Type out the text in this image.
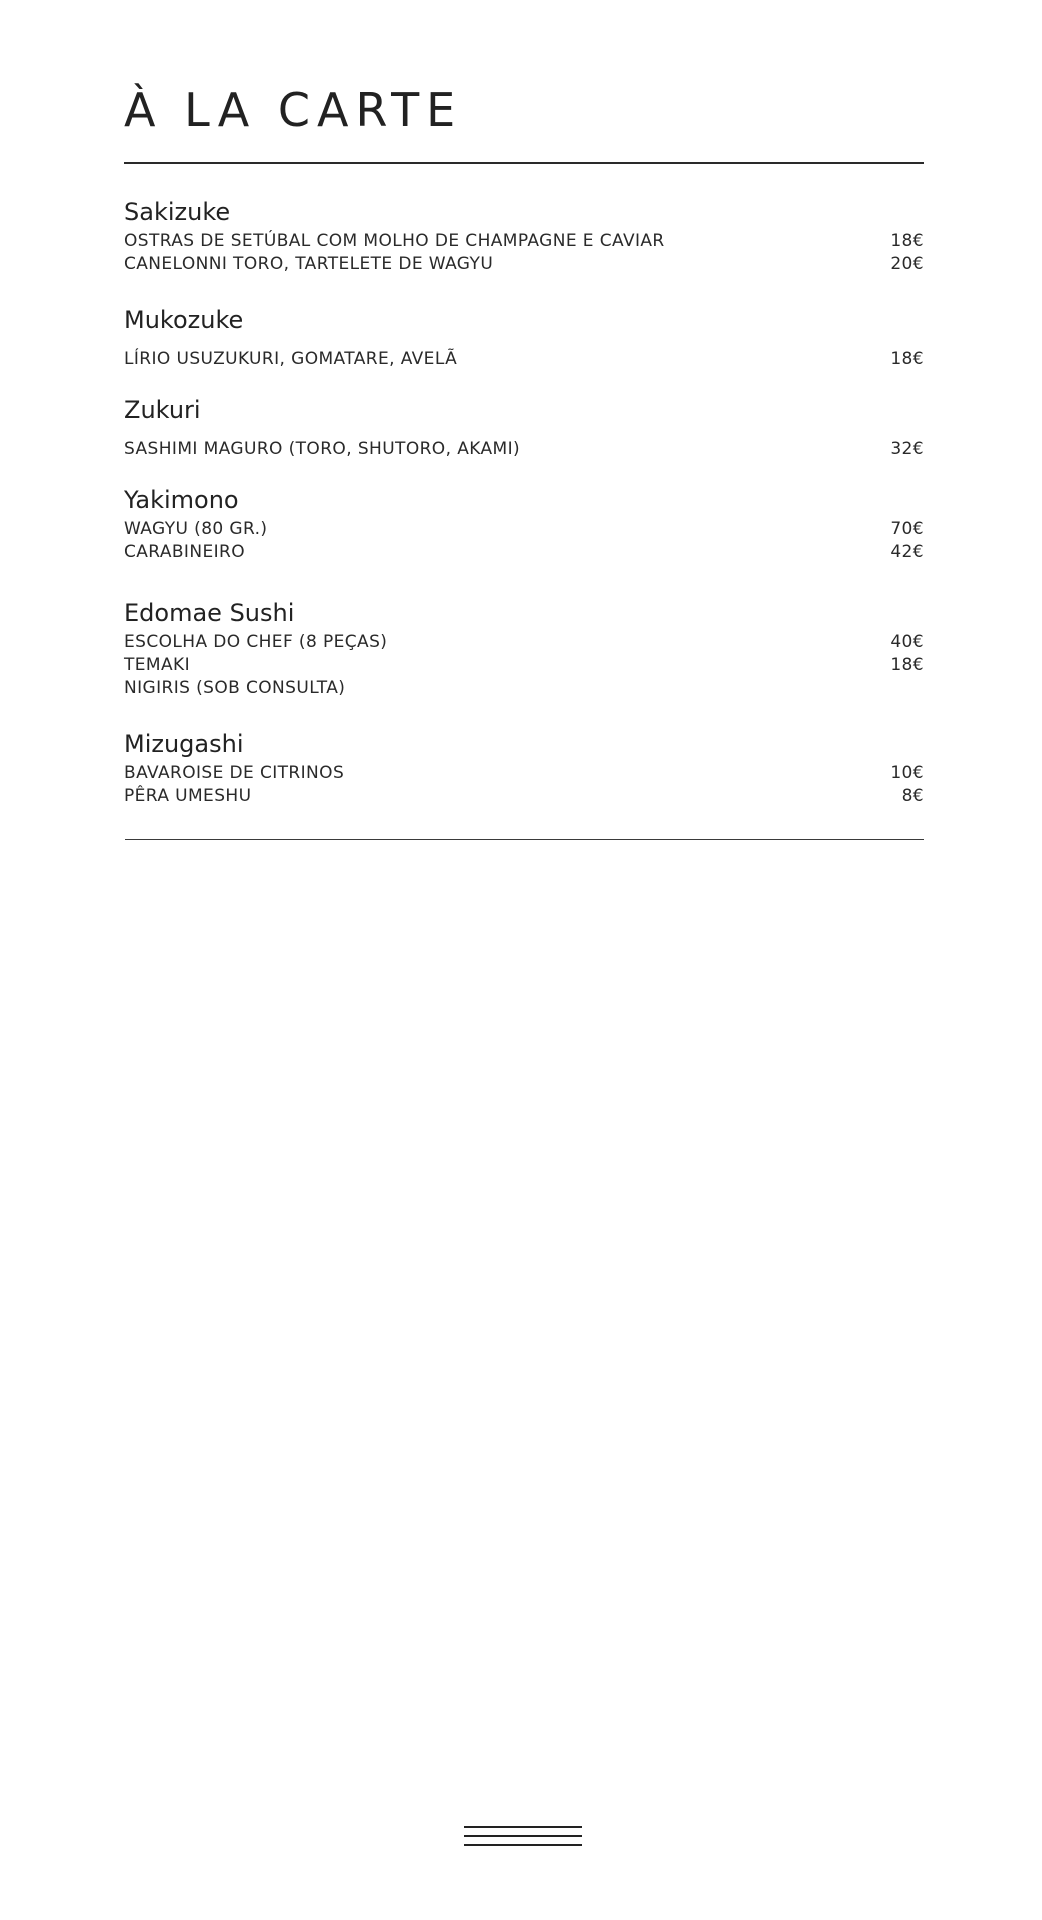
À LA CARTE
Sakizuke
OSTRAS DE SETÚBAL COM MOLHO DE CHAMPAGNE E CAVIAR	18€
CANELONNI TORO, TARTELETE DE WAGYU	20€
Mukozuke
LÍRIO USUZUKURI, GOMATARE, AVELÃ	18€
Zukuri
SASHIMI MAGURO (TORO, SHUTORO, AKAMI)	32€
Yakimono
WAGYU (80 GR.)	70€
CARABINEIRO	42€
Edomae Sushi
ESCOLHA DO CHEF (8 PEÇAS)	40€
TEMAKI	18€
NIGIRIS (SOB CONSULTA)
Mizugashi
BAVAROISE DE CITRINOS	10€
PÊRA UMESHU	8€
